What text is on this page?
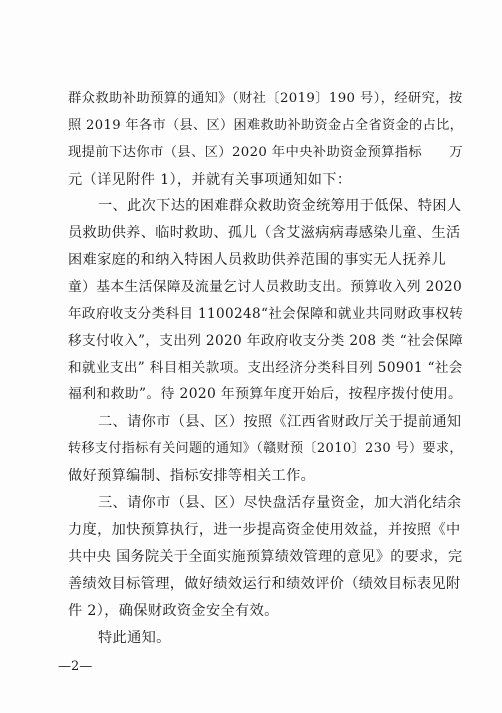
群众救助补助预算的通知》（财社〔2019〕190 号），经研究，按
照 2019 年各市（县、区）困难救助补助资金占全省资金的占比，
现提前下达你市（县、区）2020 年中央补助资金预算指标　　万
元（详见附件 1），并就有关事项通知如下：
一、此次下达的困难群众救助资金统筹用于低保、特困人
员救助供养、临时救助、孤儿（含艾滋病病毒感染儿童、生活
困难家庭的和纳入特困人员救助供养范围的事实无人抚养儿
童）基本生活保障及流量乞讨人员救助支出。预算收入列 2020
年政府收支分类科目 1100248“社会保障和就业共同财政事权转
移支付收入”，支出列 2020 年政府收支分类 208 类 “社会保障
和就业支出” 科目相关款项。支出经济分类科目列 50901 “社会
福利和救助”。待 2020 年预算年度开始后，按程序拨付使用。
二、请你市（县、区）按照《江西省财政厅关于提前通知
转移支付指标有关问题的通知》（赣财预〔2010〕230 号）要求，
做好预算编制、指标安排等相关工作。
三、请你市（县、区）尽快盘活存量资金，加大消化结余
力度，加快预算执行，进一步提高资金使用效益，并按照《中
共中央 国务院关于全面实施预算绩效管理的意见》的要求，完
善绩效目标管理，做好绩效运行和绩效评价（绩效目标表见附
件 2），确保财政资金安全有效。
特此通知。
—2—
